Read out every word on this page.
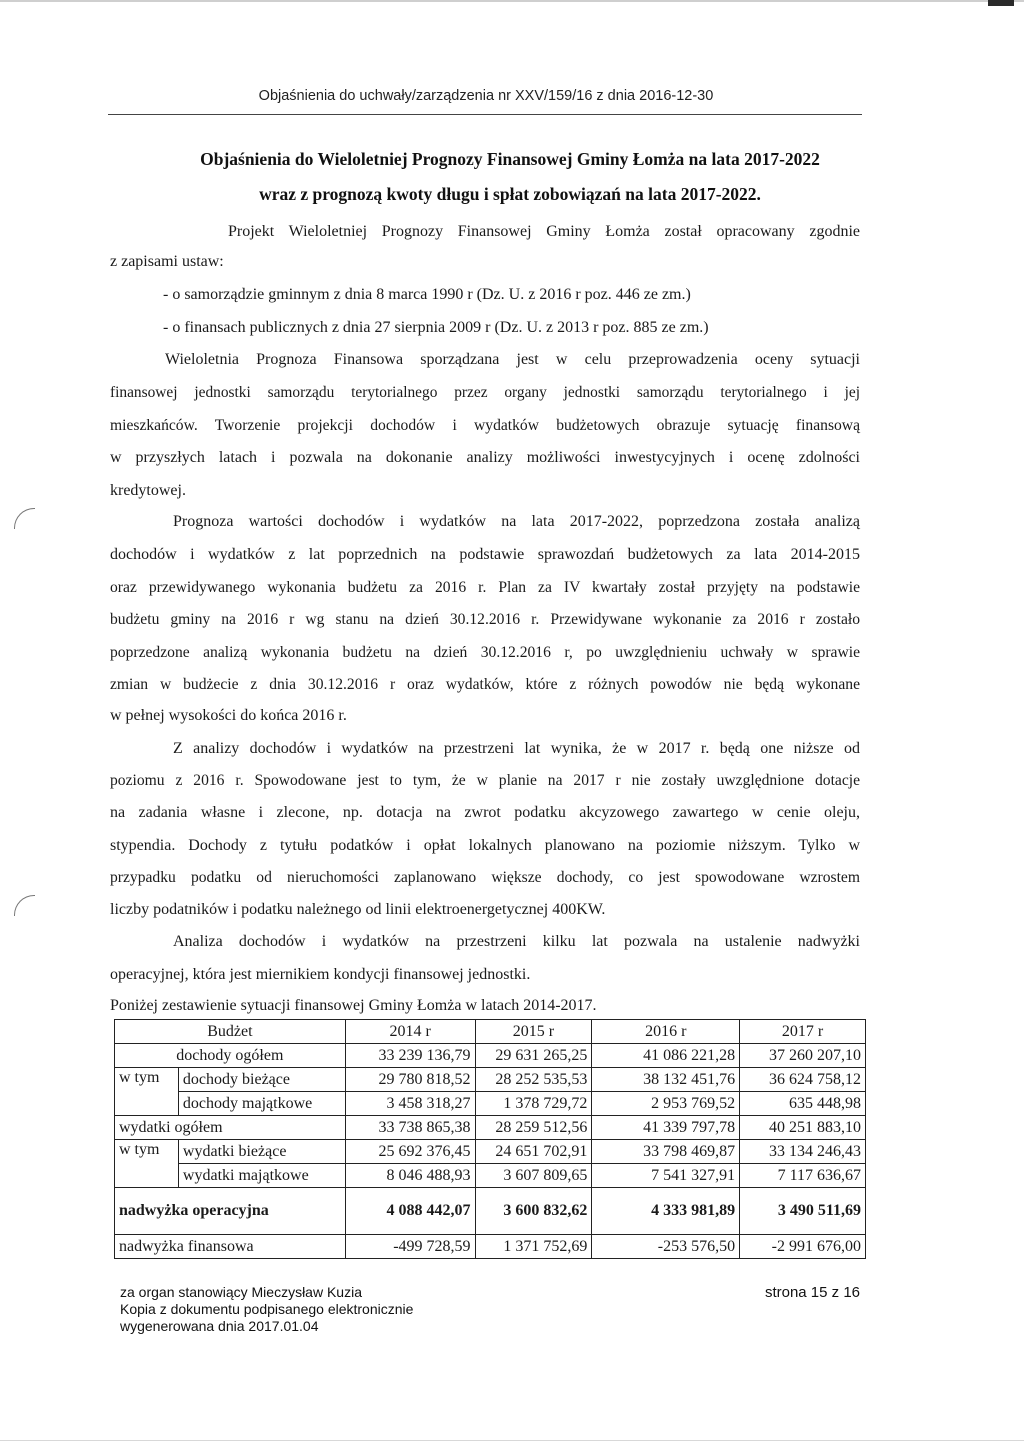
Objaśnienia do uchwały/zarządzenia nr XXV/159/16 z dnia 2016-12-30
Objaśnienia do Wieloletniej Prognozy Finansowej Gminy Łomża na lata 2017-2022
wraz z prognozą kwoty długu i spłat zobowiązań na lata 2017-2022.
Projekt Wieloletniej Prognozy Finansowej Gminy Łomża został opracowany zgodnie
z zapisami ustaw:
- o samorządzie gminnym z dnia 8 marca 1990 r (Dz. U. z 2016 r poz. 446 ze zm.)
- o finansach publicznych z dnia 27 sierpnia 2009 r (Dz. U. z 2013 r poz. 885 ze zm.)
Wieloletnia Prognoza Finansowa sporządzana jest w celu przeprowadzenia oceny sytuacji
finansowej jednostki samorządu terytorialnego przez organy jednostki samorządu terytorialnego i jej
mieszkańców. Tworzenie projekcji dochodów i wydatków budżetowych obrazuje sytuację finansową
w przyszłych latach i pozwala na dokonanie analizy możliwości inwestycyjnych i ocenę zdolności
kredytowej.
Prognoza wartości dochodów i wydatków na lata 2017-2022, poprzedzona została analizą
dochodów i wydatków z lat poprzednich na podstawie sprawozdań budżetowych za lata 2014-2015
oraz przewidywanego wykonania budżetu za 2016 r. Plan za IV kwartały został przyjęty na podstawie
budżetu gminy na 2016 r wg stanu na dzień 30.12.2016 r. Przewidywane wykonanie za 2016 r zostało
poprzedzone analizą wykonania budżetu na dzień 30.12.2016 r, po uwzględnieniu uchwały w sprawie
zmian w budżecie z dnia 30.12.2016 r oraz wydatków, które z różnych powodów nie będą wykonane
w pełnej wysokości do końca 2016 r.
Z analizy dochodów i wydatków na przestrzeni lat wynika, że w 2017 r. będą one niższe od
poziomu z 2016 r. Spowodowane jest to tym, że w planie na 2017 r nie zostały uwzględnione dotacje
na zadania własne i zlecone, np. dotacja na zwrot podatku akcyzowego zawartego w cenie oleju,
stypendia. Dochody z tytułu podatków i opłat lokalnych planowano na poziomie niższym. Tylko w
przypadku podatku od nieruchomości zaplanowano większe dochody, co jest spowodowane wzrostem
liczby podatników i podatku należnego od linii elektroenergetycznej 400KW.
Analiza dochodów i wydatków na przestrzeni kilku lat pozwala na ustalenie nadwyżki
operacyjnej, która jest miernikiem kondycji finansowej jednostki.
Poniżej zestawienie sytuacji finansowej Gminy Łomża w latach 2014-2017.
Budżet		2014 r	2015 r	2016 r	2017 r
dochody ogółem		33 239 136,79	29 631 265,25	41 086 221,28	37 260 207,10
w tym	dochody bieżące	29 780 818,52	28 252 535,53	38 132 451,76	36 624 758,12
	dochody majątkowe	3 458 318,27	1 378 729,72	2 953 769,52	635 448,98
wydatki ogółem		33 738 865,38	28 259 512,56	41 339 797,78	40 251 883,10
w tym	wydatki bieżące	25 692 376,45	24 651 702,91	33 798 469,87	33 134 246,43
	wydatki majątkowe	8 046 488,93	3 607 809,65	7 541 327,91	7 117 636,67
nadwyżka operacyjna		4 088 442,07	3 600 832,62	4 333 981,89	3 490 511,69
nadwyżka finansowa		-499 728,59	1 371 752,69	-253 576,50	-2 991 676,00
za organ stanowiący Mieczysław Kuzia
Kopia z dokumentu podpisanego elektronicznie
wygenerowana dnia 2017.01.04
strona 15 z 16
